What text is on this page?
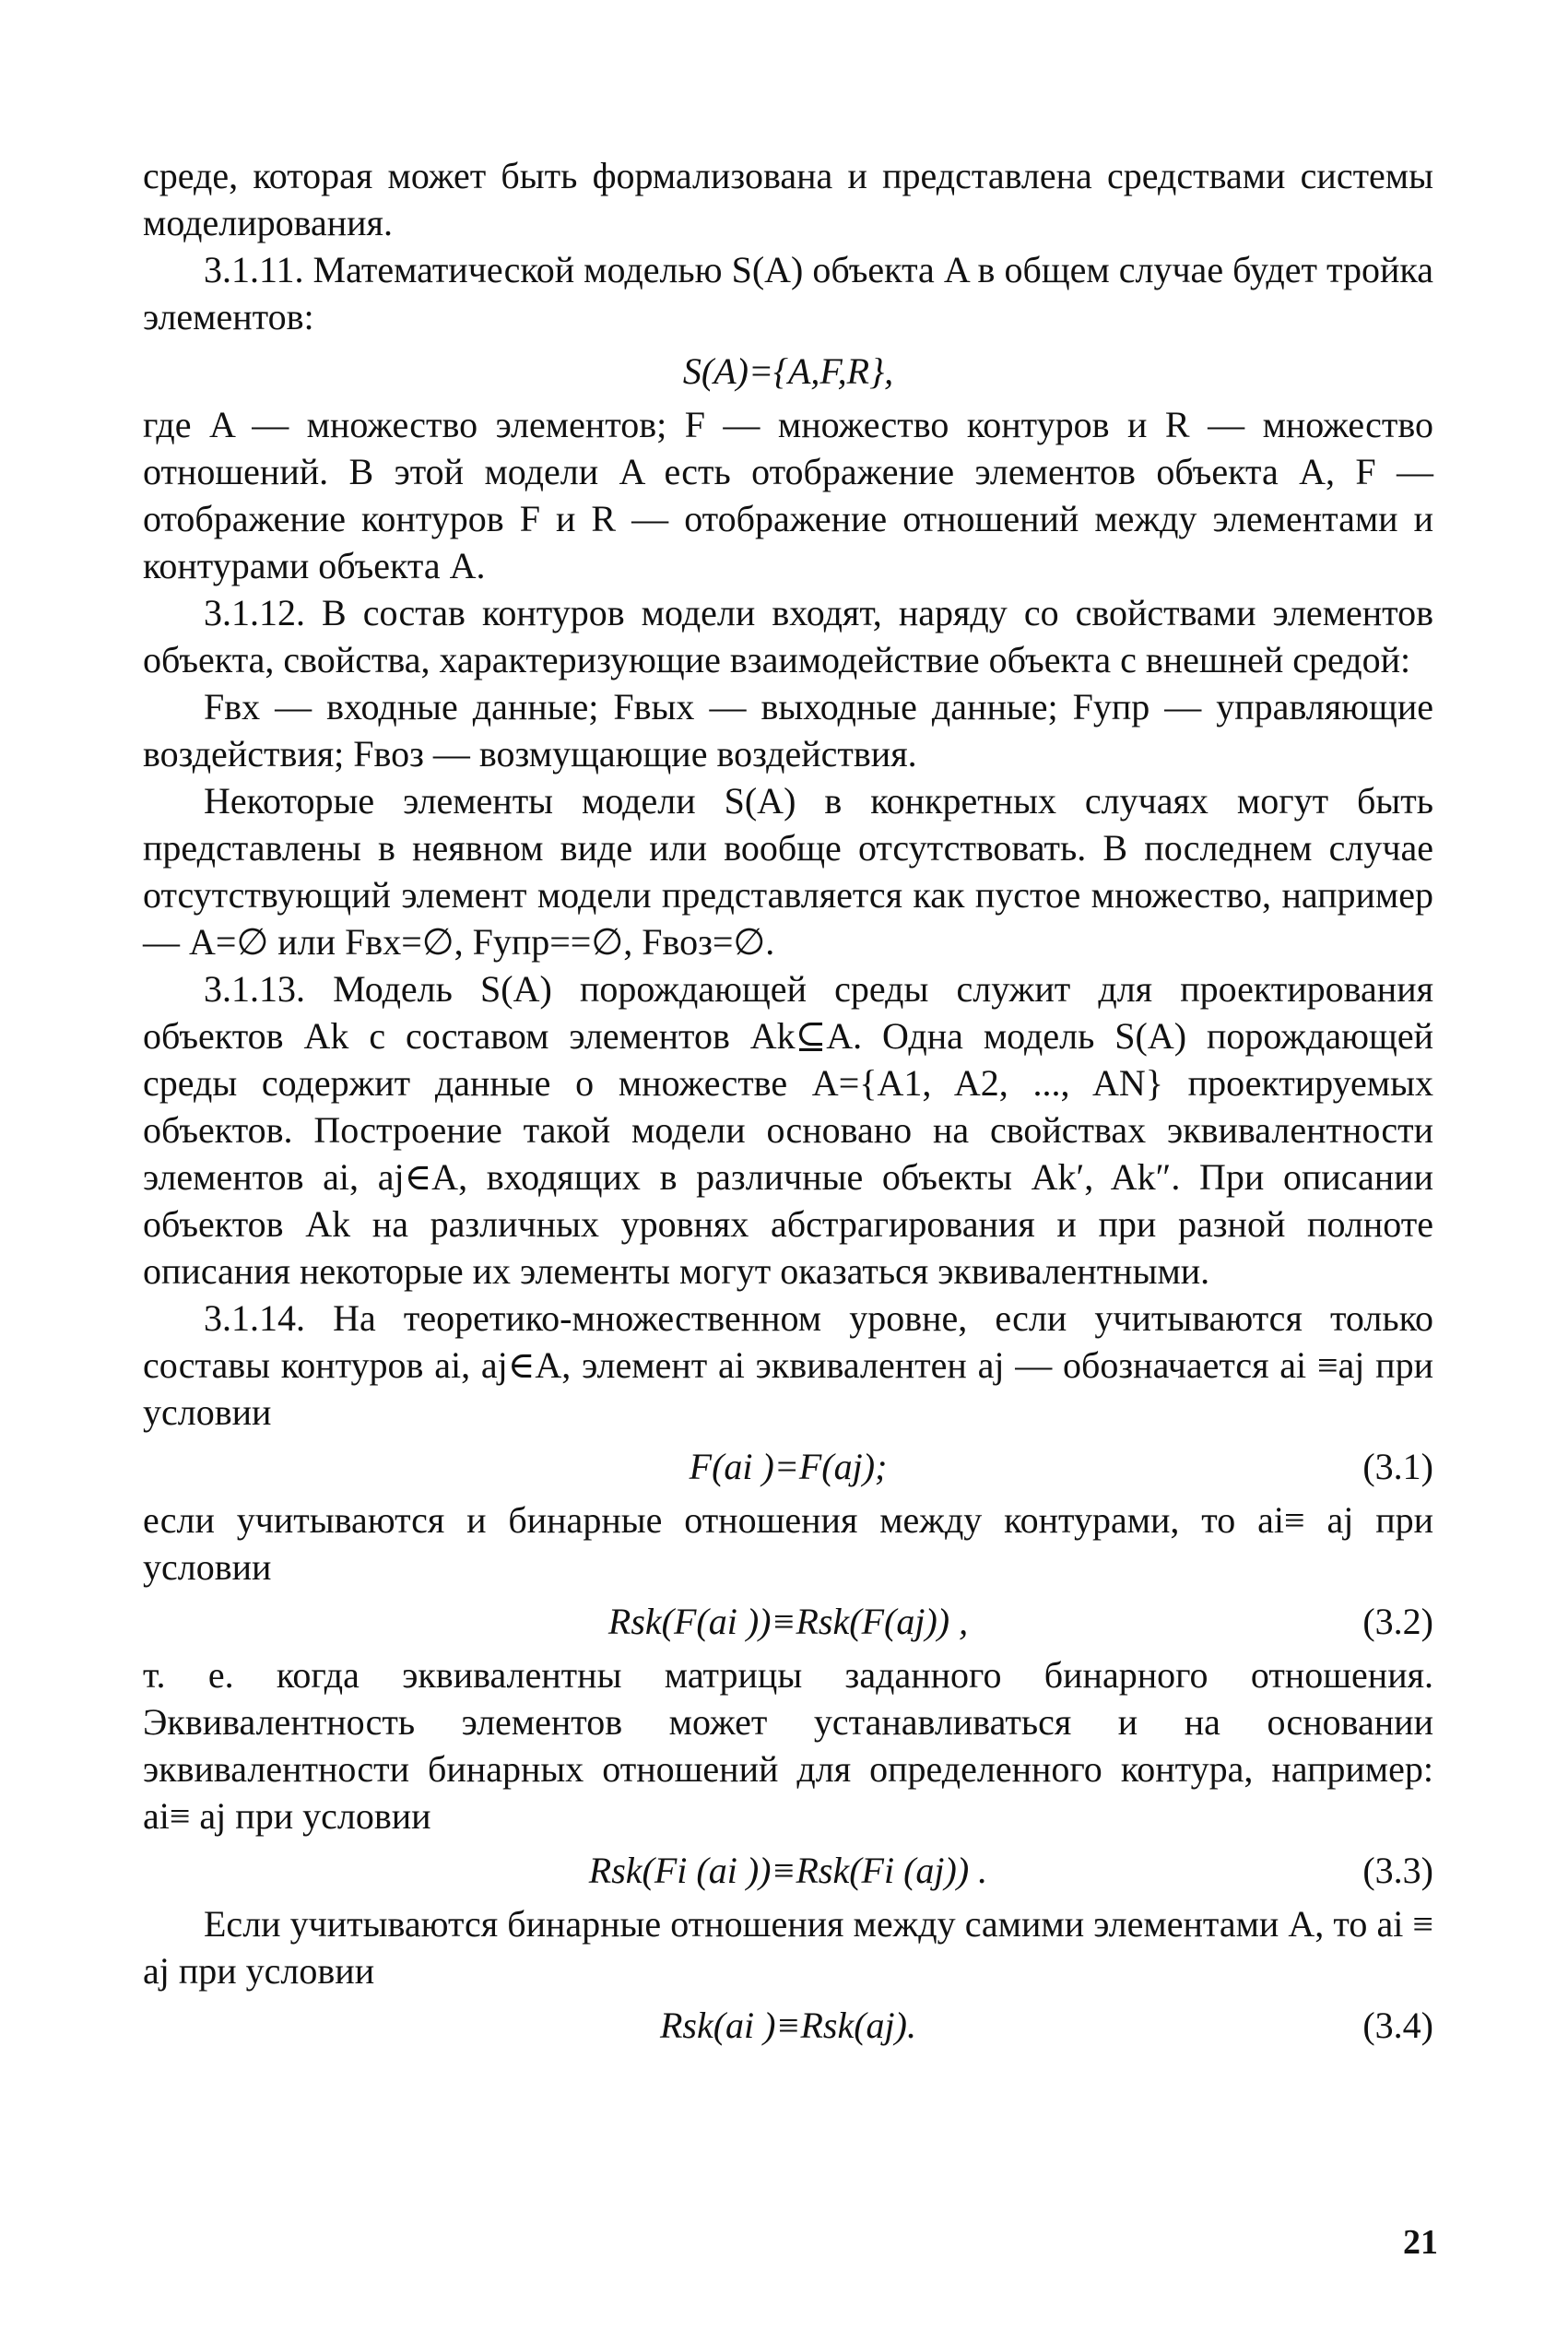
среде, которая может быть формализована и представлена средствами системы моделирования.

3.1.11. Математической моделью S(A) объекта A в общем случае будет тройка элементов:

S(A)={A,F,R},

где A — множество элементов; F — множество контуров и R — множество отношений. В этой модели A есть отображение элементов объекта A, F — отображение контуров F и R — отображение отношений между элементами и контурами объекта A.

3.1.12. В состав контуров модели входят, наряду со свойствами элементов объекта, свойства, характеризующие взаимодействие объекта с внешней средой:

Fвх — входные данные; Fвых — выходные данные; Fупр — управляющие воздействия; Fвоз — возмущающие воздействия.

Некоторые элементы модели S(A) в конкретных случаях могут быть представлены в неявном виде или вообще отсутствовать. В последнем случае отсутствующий элемент модели представляется как пустое множество, например — A=∅ или Fвх=∅, Fупр==∅, Fвоз=∅.

3.1.13. Модель S(A) порождающей среды служит для проектирования объектов Ak с составом элементов Ak⊆A. Одна модель S(A) порождающей среды содержит данные о множестве A={A1, A2, ..., AN} проектируемых объектов. Построение такой модели основано на свойствах эквивалентности элементов ai, aj∈A, входящих в различные объекты Ak′, Ak″. При описании объектов Ak на различных уровнях абстрагирования и при разной полноте описания некоторые их элементы могут оказаться эквивалентными.

3.1.14. На теоретико-множественном уровне, если учитываются только составы контуров ai, aj∈A, элемент ai эквивалентен aj — обозначается ai ≡aj при условии

F(ai )=F(aj);	(3.1)

если учитываются и бинарные отношения между контурами, то ai≡ aj при условии

Rsk(F(ai ))≡Rsk(F(aj)) ,	(3.2)

т. е. когда эквивалентны матрицы заданного бинарного отношения. Эквивалентность элементов может устанавливаться и на основании эквивалентности бинарных отношений для определенного контура, например: ai≡ aj при условии

Rsk(Fi (ai ))≡Rsk(Fi (aj)) .	(3.3)

Если учитываются бинарные отношения между самими элементами A, то ai ≡ aj при условии

Rsk(ai )≡Rsk(aj).	(3.4)
21
